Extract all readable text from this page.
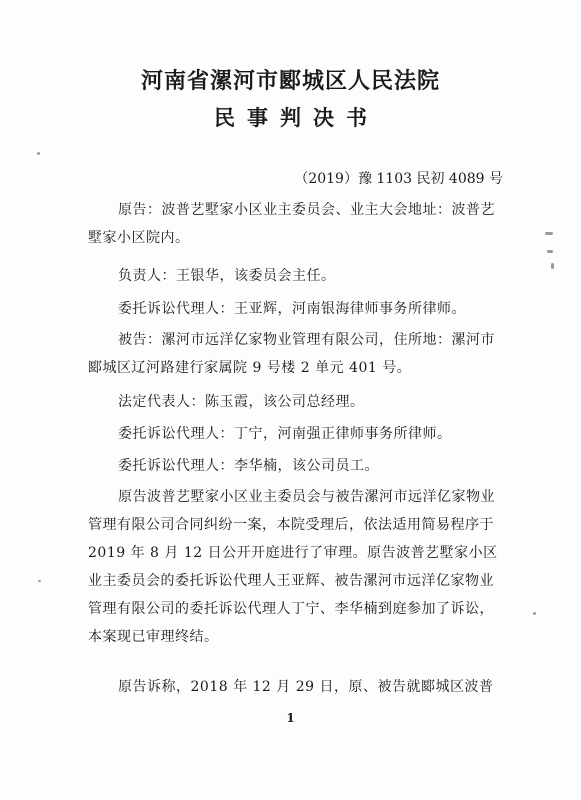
河南省漯河市郾城区人民法院
民事判决书
（2019）豫 1103 民初 4089 号
原告：波普艺墅家小区业主委员会、业主大会地址：波普艺墅家小区院内。
负责人：王银华，该委员会主任。
委托诉讼代理人：王亚辉，河南银海律师事务所律师。
被告：漯河市远洋亿家物业管理有限公司，住所地：漯河市郾城区辽河路建行家属院 9 号楼 2 单元 401 号。
法定代表人：陈玉霞，该公司总经理。
委托诉讼代理人：丁宁，河南强正律师事务所律师。
委托诉讼代理人：李华楠，该公司员工。
原告波普艺墅家小区业主委员会与被告漯河市远洋亿家物业管理有限公司合同纠纷一案，本院受理后，依法适用简易程序于 2019 年 8 月 12 日公开开庭进行了审理。原告波普艺墅家小区业主委员会的委托诉讼代理人王亚辉、被告漯河市远洋亿家物业管理有限公司的委托诉讼代理人丁宁、李华楠到庭参加了诉讼，本案现已审理终结。
原告诉称，2018 年 12 月 29 日，原、被告就郾城区波普
1
